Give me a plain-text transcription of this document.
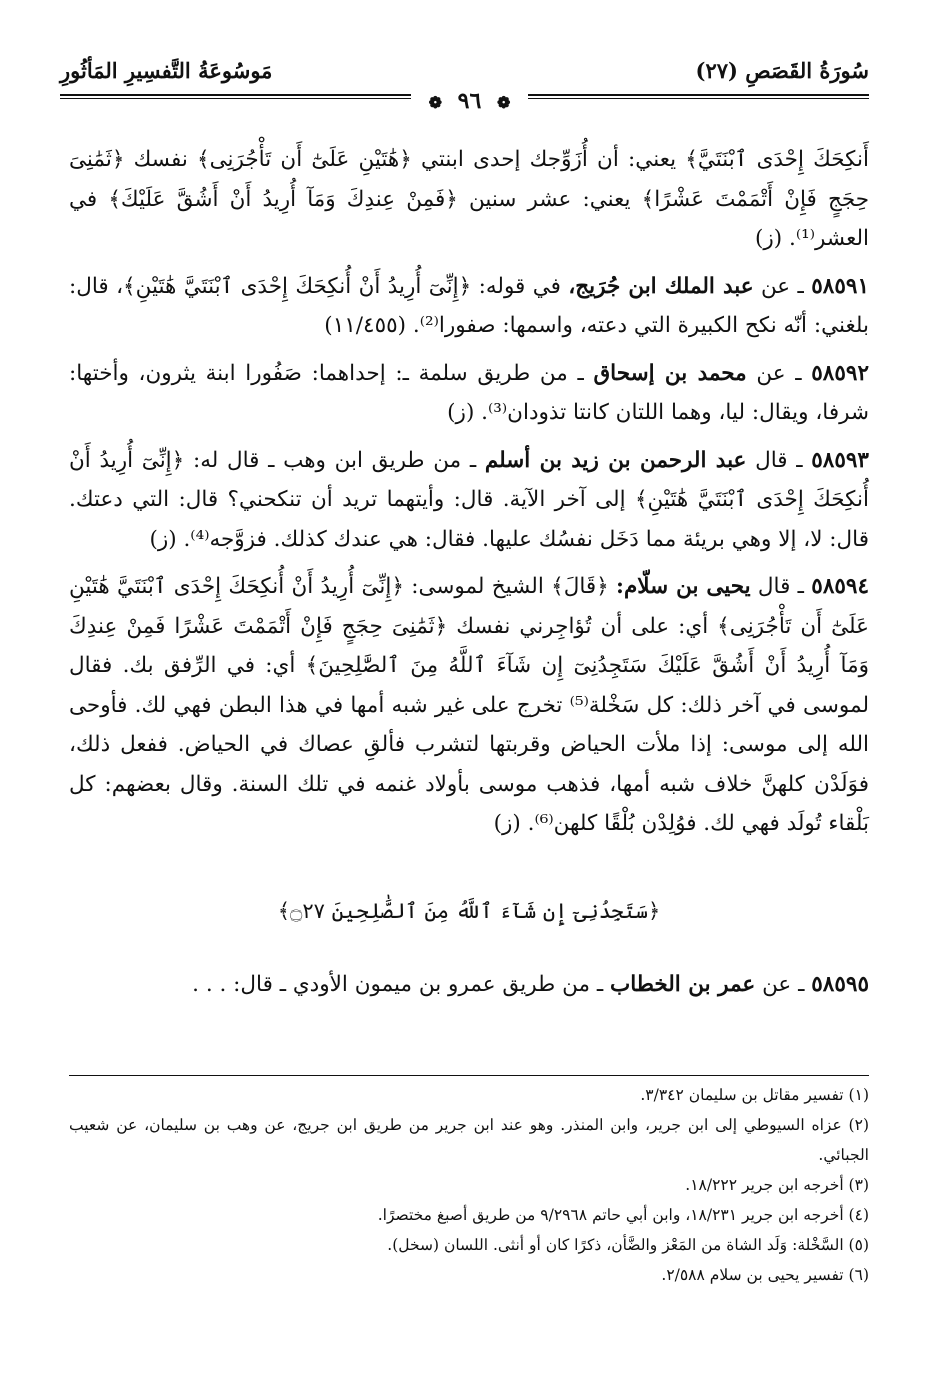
سُورَةُ القَصَصِ (٢٧)
مَوسُوعَةُ التَّفسِيرِ المَأثُورِ
❁ ٩٦ ❁

أَنكِحَكَ إِحْدَى ٱبْنَتَيَّ﴾ يعني: أن أُزَوِّجك إحدى ابنتي ﴿هَٰتَيْنِ عَلَىٰٓ أَن تَأْجُرَنِى﴾ نفسك ﴿ثَمَٰنِىَ حِجَجٍ فَإِنْ أَتْمَمْتَ عَشْرًا﴾ يعني: عشر سنين ﴿فَمِنْ عِندِكَ وَمَآ أُرِيدُ أَنْ أَشُقَّ عَلَيْكَ﴾ في العشر⁽¹⁾. (ز)

٥٨٥٩١ ـ عن عبد الملك ابن جُرَيج، في قوله: ﴿إِنِّىٓ أُرِيدُ أَنْ أُنكِحَكَ إِحْدَى ٱبْنَتَيَّ هَٰتَيْنِ﴾، قال: بلغني: أنّه نكح الكبيرة التي دعته، واسمها: صفورا⁽²⁾. (١١/٤٥٥)

٥٨٥٩٢ ـ عن محمد بن إسحاق ـ من طريق سلمة ـ: إحداهما: صَفُورا ابنة يثرون، وأختها: شرفا، ويقال: ليا، وهما اللتان كانتا تذودان⁽³⁾. (ز)

٥٨٥٩٣ ـ قال عبد الرحمن بن زيد بن أسلم ـ من طريق ابن وهب ـ قال له: ﴿إِنِّىٓ أُرِيدُ أَنْ أُنكِحَكَ إِحْدَى ٱبْنَتَيَّ هَٰتَيْنِ﴾ إلى آخر الآية. قال: وأيتهما تريد أن تنكحني؟ قال: التي دعتك. قال: لا، إلا وهي بريئة مما دَخَل نفسُك عليها. فقال: هي عندك كذلك. فزوَّجه⁽⁴⁾. (ز)

٥٨٥٩٤ ـ قال يحيى بن سلّام: ﴿قَالَ﴾ الشيخ لموسى: ﴿إِنِّىٓ أُرِيدُ أَنْ أُنكِحَكَ إِحْدَى ٱبْنَتَيَّ هَٰتَيْنِ عَلَىٰٓ أَن تَأْجُرَنِى﴾ أي: على أن تُؤاجِرني نفسك ﴿ثَمَٰنِىَ حِجَجٍ فَإِنْ أَتْمَمْتَ عَشْرًا فَمِنْ عِندِكَ وَمَآ أُرِيدُ أَنْ أَشُقَّ عَلَيْكَ سَتَجِدُنِىٓ إِن شَآءَ ٱللَّهُ مِنَ ٱلصَّٰلِحِينَ﴾ أي: في الرِّفق بك. فقال لموسى في آخر ذلك: كل سَخْلة⁽⁵⁾ تخرج على غير شبه أمها في هذا البطن فهي لك. فأوحى الله إلى موسى: إذا ملأت الحياض وقربتها لتشرب فألقِ عصاك في الحياض. ففعل ذلك، فوَلَدْن كلهنَّ خلاف شبه أمها، فذهب موسى بأولاد غنمه في تلك السنة. وقال بعضهم: كل بَلْقاء تُولَد فهي لك. فوُلِدْن بُلْقًا كلهن⁽⁶⁾. (ز)

﴿سَتَجِدُنِىٓ إِن شَآءَ ٱللَّهُ مِنَ ٱلصَّٰلِحِينَ ۝٢٧﴾

٥٨٥٩٥ ـ عن عمر بن الخطاب ـ من طريق عمرو بن ميمون الأودي ـ قال: . . .

(١) تفسير مقاتل بن سليمان ٣/٣٤٢.
(٢) عزاه السيوطي إلى ابن جرير، وابن المنذر. وهو عند ابن جرير من طريق ابن جريج، عن وهب بن سليمان، عن شعيب الجبائي.
(٣) أخرجه ابن جرير ١٨/٢٢٢.
(٤) أخرجه ابن جرير ١٨/٢٣١، وابن أبي حاتم ٩/٢٩٦٨ من طريق أصبغ مختصرًا.
(٥) السَّخْلة: وَلَد الشاة من المَعْز والضَّأن، ذكرًا كان أو أنثى. اللسان (سخل).
(٦) تفسير يحيى بن سلام ٢/٥٨٨.
